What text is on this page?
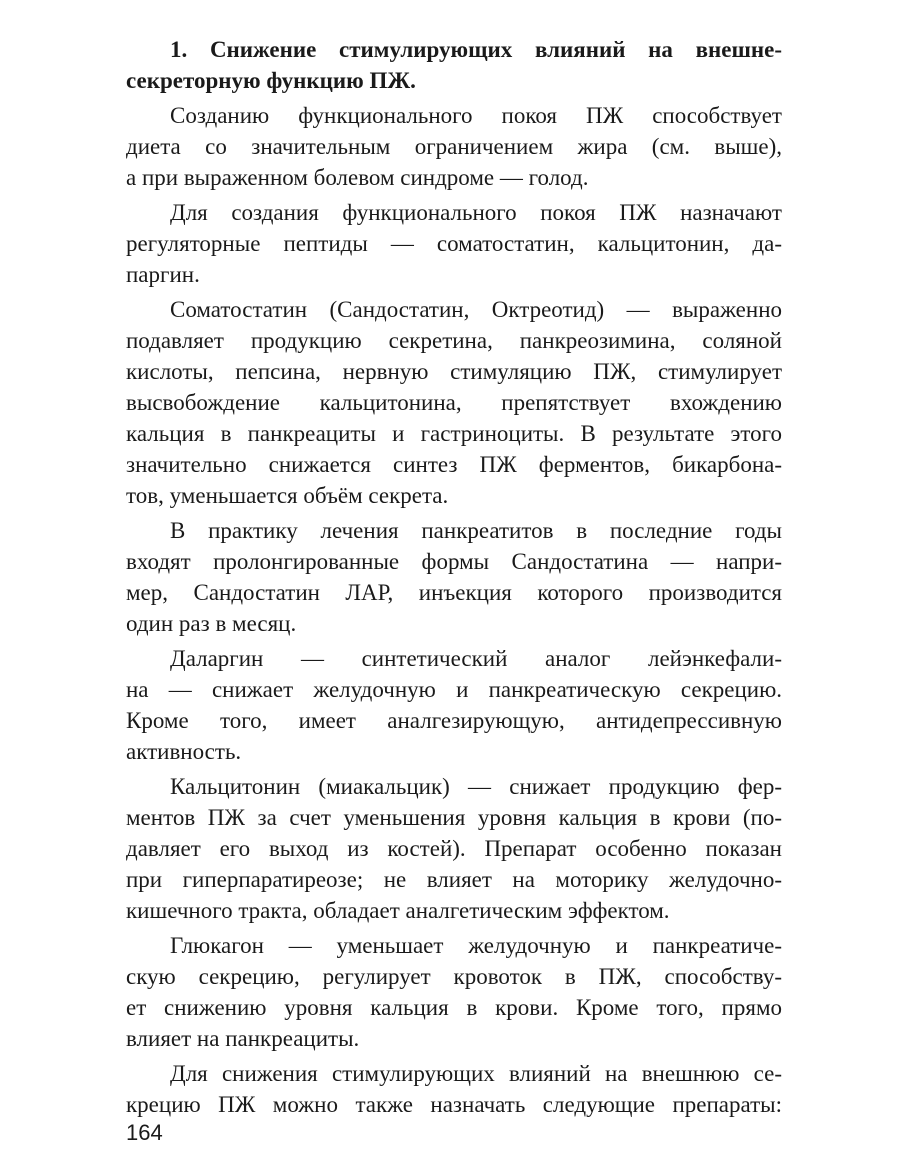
1. Снижение стимулирующих влияний на внешне-
секреторную функцию ПЖ.
Созданию функционального покоя ПЖ способствует
диета со значительным ограничением жира (см. выше),
а при выраженном болевом синдроме — голод.
Для создания функционального покоя ПЖ назначают
регуляторные пептиды — соматостатин, кальцитонин, да-
паргин.
Соматостатин (Сандостатин, Октреотид) — выраженно
подавляет продукцию секретина, панкреозимина, соляной
кислоты, пепсина, нервную стимуляцию ПЖ, стимулирует
высвобождение кальцитонина, препятствует вхождению
кальция в панкреациты и гастриноциты. В результате этого
значительно снижается синтез ПЖ ферментов, бикарбона-
тов, уменьшается объём секрета.
В практику лечения панкреатитов в последние годы
входят пролонгированные формы Сандостатина — напри-
мер, Сандостатин ЛАР, инъекция которого производится
один раз в месяц.
Даларгин — синтетический аналог лейэнкефали-
на — снижает желудочную и панкреатическую секрецию.
Кроме того, имеет аналгезирующую, антидепрессивную
активность.
Кальцитонин (миакальцик) — снижает продукцию фер-
ментов ПЖ за счет уменьшения уровня кальция в крови (по-
давляет его выход из костей). Препарат особенно показан
при гиперпаратиреозе; не влияет на моторику желудочно-
кишечного тракта, обладает аналгетическим эффектом.
Глюкагон — уменьшает желудочную и панкреатиче-
скую секрецию, регулирует кровоток в ПЖ, способству-
ет снижению уровня кальция в крови. Кроме того, прямо
влияет на панкреациты.
Для снижения стимулирующих влияний на внешнюю се-
крецию ПЖ можно также назначать следующие препараты:
164
